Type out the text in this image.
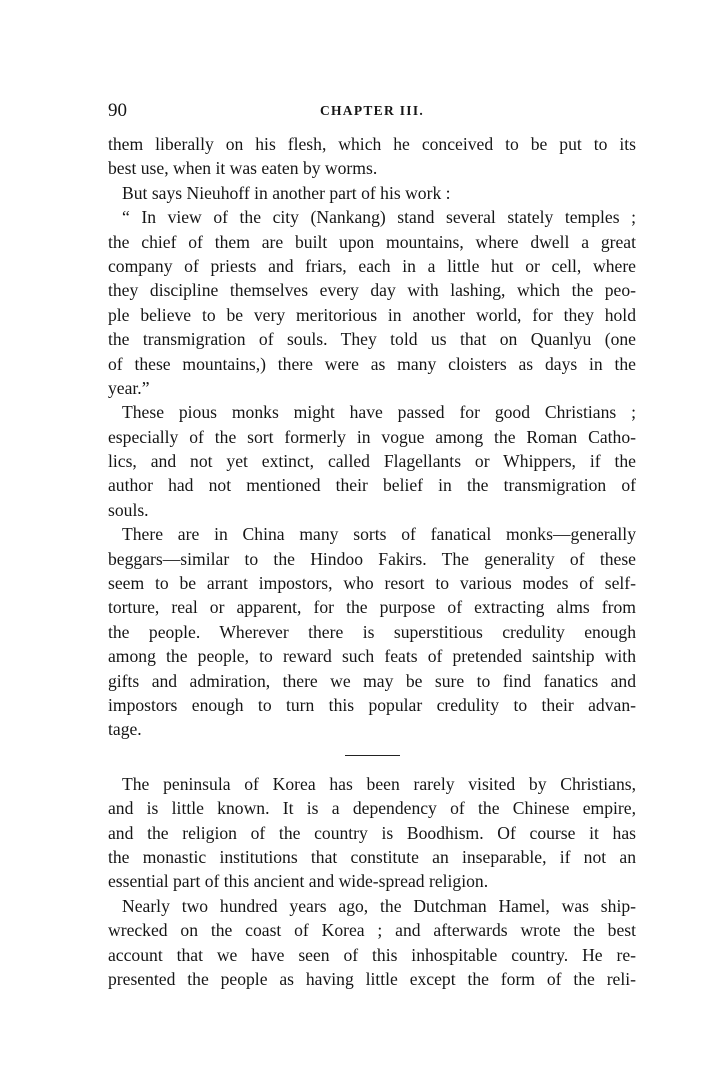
90	CHAPTER III.
them liberally on his flesh, which he conceived to be put to its
best use, when it was eaten by worms.
But says Nieuhoff in another part of his work :
“ In view of the city (Nankang) stand several stately temples ;
the chief of them are built upon mountains, where dwell a great
company of priests and friars, each in a little hut or cell, where
they discipline themselves every day with lashing, which the peo-
ple believe to be very meritorious in another world, for they hold
the transmigration of souls. They told us that on Quanlyu (one
of these mountains,) there were as many cloisters as days in the
year.”
These pious monks might have passed for good Christians ;
especially of the sort formerly in vogue among the Roman Catho-
lics, and not yet extinct, called Flagellants or Whippers, if the
author had not mentioned their belief in the transmigration of
souls.
There are in China many sorts of fanatical monks—generally
beggars—similar to the Hindoo Fakirs. The generality of these
seem to be arrant impostors, who resort to various modes of self-
torture, real or apparent, for the purpose of extracting alms from
the people. Wherever there is superstitious credulity enough
among the people, to reward such feats of pretended saintship with
gifts and admiration, there we may be sure to find fanatics and
impostors enough to turn this popular credulity to their advan-
tage.
The peninsula of Korea has been rarely visited by Christians,
and is little known. It is a dependency of the Chinese empire,
and the religion of the country is Boodhism. Of course it has
the monastic institutions that constitute an inseparable, if not an
essential part of this ancient and wide-spread religion.
Nearly two hundred years ago, the Dutchman Hamel, was ship-
wrecked on the coast of Korea ; and afterwards wrote the best
account that we have seen of this inhospitable country. He re-
presented the people as having little except the form of the reli-
